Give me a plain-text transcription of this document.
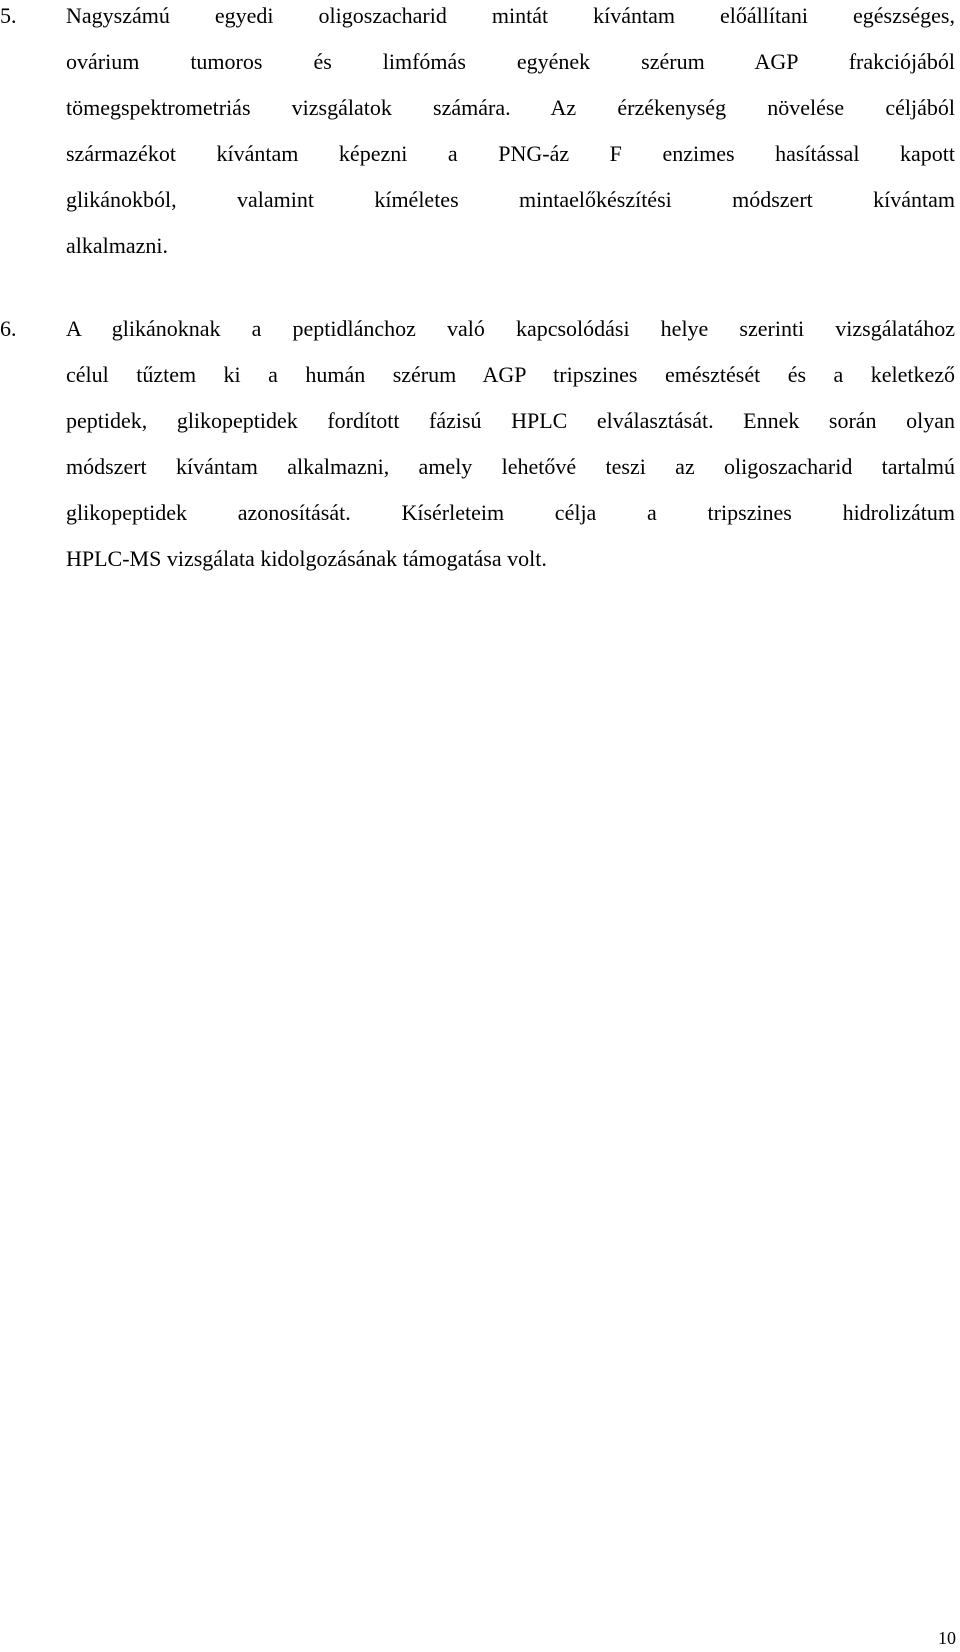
5. Nagyszámú egyedi oligoszacharid mintát kívántam előállítani egészséges,
ovárium tumoros és limfómás egyének szérum AGP frakciójából
tömegspektrometriás vizsgálatok számára. Az érzékenység növelése céljából
származékot kívántam képezni a PNG-áz F enzimes hasítással kapott
glikánokból, valamint kíméletes mintaelőkészítési módszert kívántam
alkalmazni.
6. A glikánoknak a peptidlánchoz való kapcsolódási helye szerinti vizsgálatához
célul tűztem ki a humán szérum AGP tripszines emésztését és a keletkező
peptidek, glikopeptidek fordított fázisú HPLC elválasztását. Ennek során olyan
módszert kívántam alkalmazni, amely lehetővé teszi az oligoszacharid tartalmú
glikopeptidek azonosítását. Kísérleteim célja a tripszines hidrolizátum
HPLC-MS vizsgálata kidolgozásának támogatása volt.
10
